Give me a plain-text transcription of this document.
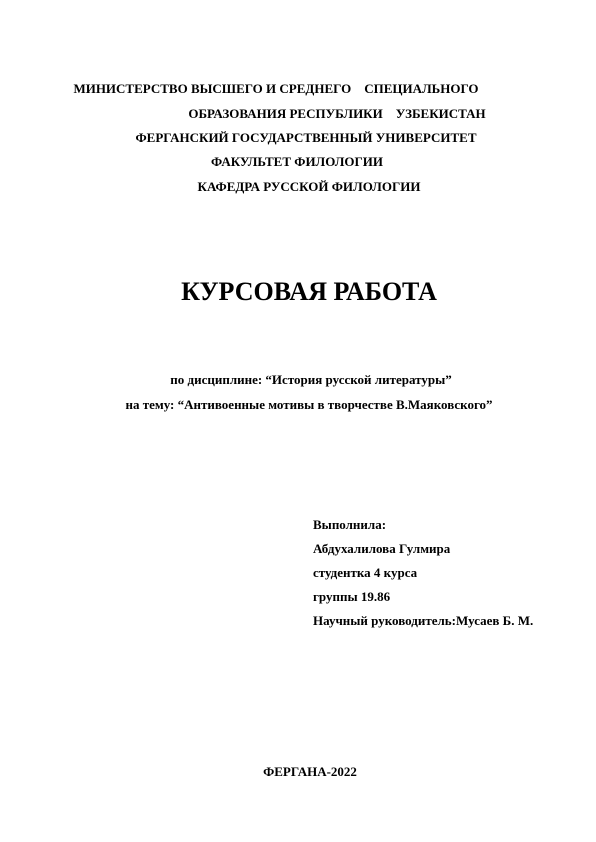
МИНИСТЕРСТВО ВЫСШЕГО И СРЕДНЕГО    СПЕЦИАЛЬНОГО
ОБРАЗОВАНИЯ РЕСПУБЛИКИ    УЗБЕКИСТАН
ФЕРГАНСКИЙ ГОСУДАРСТВЕННЫЙ УНИВЕРСИТЕТ
ФАКУЛЬТЕТ ФИЛОЛОГИИ
КАФЕДРА РУССКОЙ ФИЛОЛОГИИ
КУРСОВАЯ РАБОТА
по дисциплине: “История русской литературы”
на тему: “Антивоенные мотивы в творчестве В.Маяковского”
Выполнила:
Абдухалилова Гулмира
студентка 4 курса
группы 19.86
Научный руководитель:Мусаев Б. М.
ФЕРГАНА-2022
